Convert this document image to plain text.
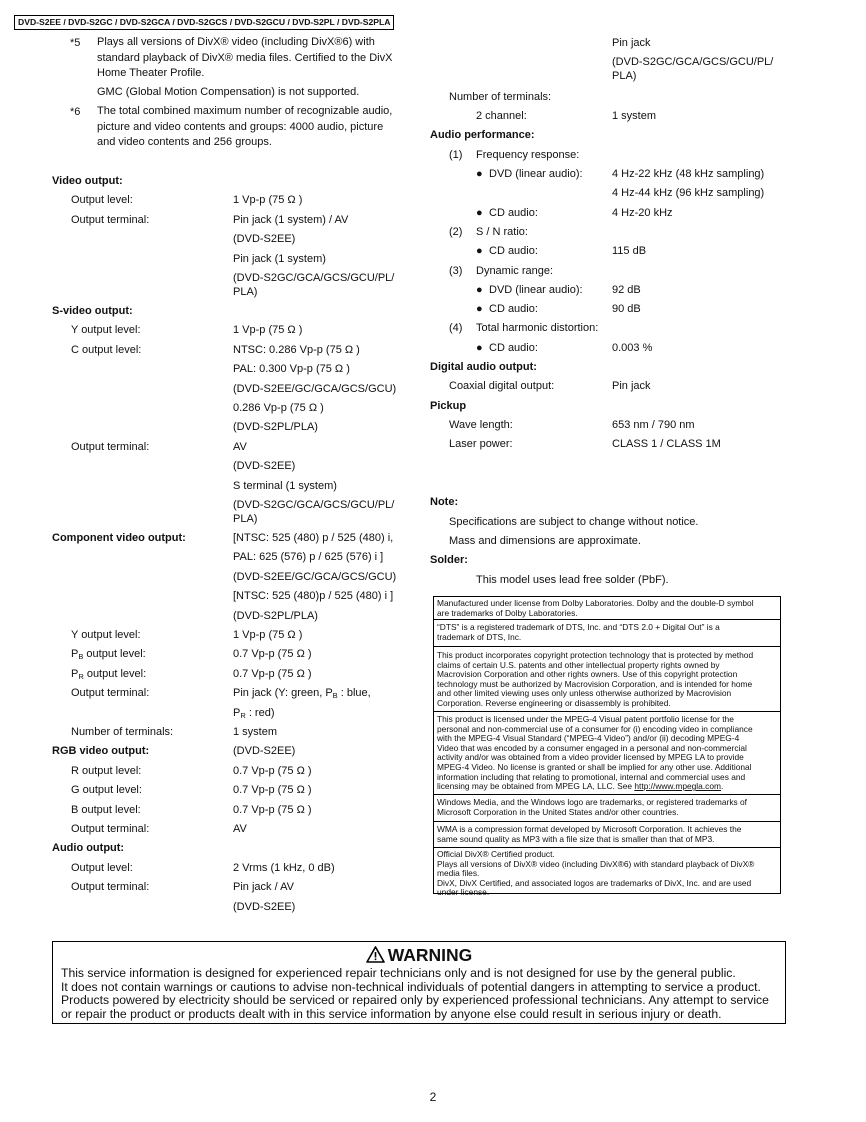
DVD-S2EE / DVD-S2GC / DVD-S2GCA / DVD-S2GCS / DVD-S2GCU / DVD-S2PL / DVD-S2PLA
*5 Plays all versions of DivX® video (including DivX®6) with
standard playback of DivX® media files. Certified to the DivX
Home Theater Profile.
GMC (Global Motion Compensation) is not supported.
*6 The total combined maximum number of recognizable audio,
picture and video contents and groups: 4000 audio, picture
and video contents and 256 groups.
Video output:
Output level:	1 Vp-p (75 Ω )
Output terminal:	Pin jack (1 system) / AV
(DVD-S2EE)
Pin jack (1 system)
(DVD-S2GC/GCA/GCS/GCU/PL/
PLA)
S-video output:
Y output level:	1 Vp-p (75 Ω )
C output level:	NTSC: 0.286 Vp-p (75 Ω )
PAL: 0.300 Vp-p (75 Ω )
(DVD-S2EE/GC/GCA/GCS/GCU)
0.286 Vp-p (75 Ω )
(DVD-S2PL/PLA)
Output terminal:	AV
(DVD-S2EE)
S terminal (1 system)
(DVD-S2GC/GCA/GCS/GCU/PL/
PLA)
Component video output:	[NTSC: 525 (480) p / 525 (480) i,
PAL: 625 (576) p / 625 (576) i ]
(DVD-S2EE/GC/GCA/GCS/GCU)
[NTSC: 525 (480)p / 525 (480) i ]
(DVD-S2PL/PLA)
Y output level:	1 Vp-p (75 Ω )
PB output level:	0.7 Vp-p (75 Ω )
PR output level:	0.7 Vp-p (75 Ω )
Output terminal:	Pin jack (Y: green, PB : blue,
PR : red)
Number of terminals:	1 system
RGB video output:	(DVD-S2EE)
R output level:	0.7 Vp-p (75 Ω )
G output level:	0.7 Vp-p (75 Ω )
B output level:	0.7 Vp-p (75 Ω )
Output terminal:	AV
Audio output:
Output level:	2 Vrms (1 kHz, 0 dB)
Output terminal:	Pin jack / AV
(DVD-S2EE)
Pin jack
(DVD-S2GC/GCA/GCS/GCU/PL/
PLA)
Number of terminals:
2 channel:	1 system
Audio performance:
(1) Frequency response:
● DVD (linear audio):	4 Hz-22 kHz (48 kHz sampling)
4 Hz-44 kHz (96 kHz sampling)
● CD audio:	4 Hz-20 kHz
(2) S / N ratio:
● CD audio:	115 dB
(3) Dynamic range:
● DVD (linear audio):	92 dB
● CD audio:	90 dB
(4) Total harmonic distortion:
● CD audio:	0.003 %
Digital audio output:
Coaxial digital output:	Pin jack
Pickup
Wave length:	653 nm / 790 nm
Laser power:	CLASS 1 / CLASS 1M
Note:
Specifications are subject to change without notice.
Mass and dimensions are approximate.
Solder:
This model uses lead free solder (PbF).
Manufactured under license from Dolby Laboratories. Dolby and the double-D symbol
are trademarks of Dolby Laboratories.
“DTS” is a registered trademark of DTS, Inc. and “DTS 2.0 + Digital Out” is a
trademark of DTS, Inc.
This product incorporates copyright protection technology that is protected by method
claims of certain U.S. patents and other intellectual property rights owned by
Macrovision Corporation and other rights owners. Use of this copyright protection
technology must be authorized by Macrovision Corporation, and is intended for home
and other limited viewing uses only unless otherwise authorized by Macrovision
Corporation. Reverse engineering or disassembly is prohibited.
This product is licensed under the MPEG-4 Visual patent portfolio license for the
personal and non-commercial use of a consumer for (i) encoding video in compliance
with the MPEG-4 Visual Standard (“MPEG-4 Video”) and/or (ii) decoding MPEG-4
Video that was encoded by a consumer engaged in a personal and non-commercial
activity and/or was obtained from a video provider licensed by MPEG LA to provide
MPEG-4 Video. No license is granted or shall be implied for any other use. Additional
information including that relating to promotional, internal and commercial uses and
licensing may be obtained from MPEG LA, LLC. See http://www.mpegla.com.
Windows Media, and the Windows logo are trademarks, or registered trademarks of
Microsoft Corporation in the United States and/or other countries.
WMA is a compression format developed by Microsoft Corporation. It achieves the
same sound quality as MP3 with a file size that is smaller than that of MP3.
Official DivX® Certified product.
Plays all versions of DivX® video (including DivX®6) with standard playback of DivX®
media files.
DivX, DivX Certified, and associated logos are trademarks of DivX, Inc. and are used
under license.
WARNING
This service information is designed for experienced repair technicians only and is not designed for use by the general public.
It does not contain warnings or cautions to advise non-technical individuals of potential dangers in attempting to service a product.
Products powered by electricity should be serviced or repaired only by experienced professional technicians. Any attempt to service
or repair the product or products dealt with in this service information by anyone else could result in serious injury or death.
2
